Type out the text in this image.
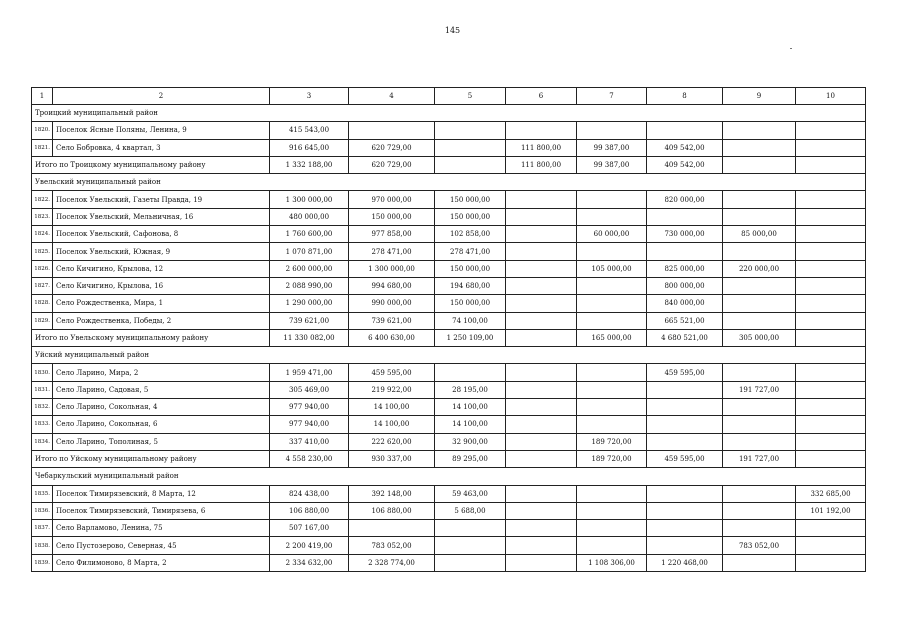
145
1	2	3	4	5	6	7	8	9	10
Троицкий муниципальный район									
1820.	Поселок Ясные Поляны, Ленина, 9	415 543,00							
1821.	Село Бобровка, 4 квартал, 3	916 645,00	620 729,00		111 800,00	99 387,00	409 542,00		
Итого по Троицкому муниципальному району		1 332 188,00	620 729,00		111 800,00	99 387,00	409 542,00		
Увельский муниципальный район									
1822.	Поселок Увельский, Газеты Правда, 19	1 300 000,00	970 000,00	150 000,00			820 000,00		
1823.	Поселок Увельский, Мельничная, 16	480 000,00	150 000,00	150 000,00					
1824.	Поселок Увельский, Сафонова, 8	1 760 600,00	977 858,00	102 858,00		60 000,00	730 000,00	85 000,00	
1825.	Поселок Увельский, Южная, 9	1 070 871,00	278 471,00	278 471,00					
1826.	Село Кичигино, Крылова, 12	2 600 000,00	1 300 000,00	150 000,00		105 000,00	825 000,00	220 000,00	
1827.	Село Кичигино, Крылова, 16	2 088 990,00	994 680,00	194 680,00			800 000,00		
1828.	Село Рождественка, Мира, 1	1 290 000,00	990 000,00	150 000,00			840 000,00		
1829.	Село Рождественка, Победы, 2	739 621,00	739 621,00	74 100,00			665 521,00		
Итого по Увельскому муниципальному району		11 330 082,00	6 400 630,00	1 250 109,00		165 000,00	4 680 521,00	305 000,00	
Уйский муниципальный район									
1830.	Село Ларино, Мира, 2	1 959 471,00	459 595,00				459 595,00		
1831.	Село Ларино, Садовая, 5	305 469,00	219 922,00	28 195,00				191 727,00	
1832.	Село Ларино, Сокольная, 4	977 940,00	14 100,00	14 100,00					
1833.	Село Ларино, Сокольная, 6	977 940,00	14 100,00	14 100,00					
1834.	Село Ларино, Тополиная, 5	337 410,00	222 620,00	32 900,00		189 720,00			
Итого по Уйскому муниципальному району		4 558 230,00	930 337,00	89 295,00		189 720,00	459 595,00	191 727,00	
Чебаркульский муниципальный район									
1835.	Поселок Тимирязевский, 8 Марта, 12	824 438,00	392 148,00	59 463,00					332 685,00
1836.	Поселок Тимирязевский, Тимирязева, 6	106 880,00	106 880,00	5 688,00					101 192,00
1837.	Село Варламово, Ленина, 75	507 167,00							
1838.	Село Пустозерово, Северная, 45	2 200 419,00	783 052,00					783 052,00	
1839.	Село Филимоново, 8 Марта, 2	2 334 632,00	2 328 774,00			1 108 306,00	1 220 468,00		
